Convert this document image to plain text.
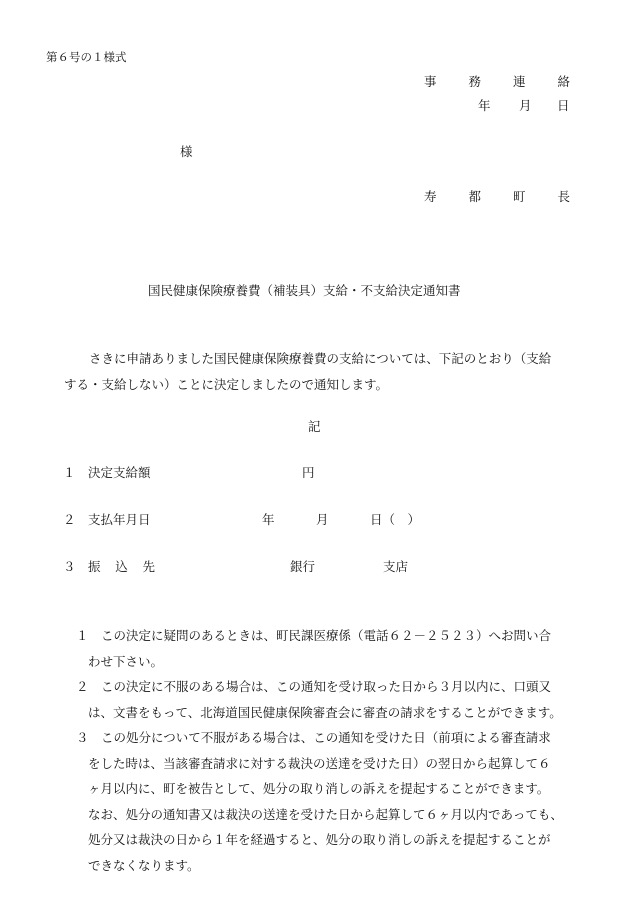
第６号の１様式
事	務	連	絡
年 月 日
様
寿	都	町	長
国民健康保険療養費（補装具）支給・不支給決定通知書
さきに申請ありました国民健康保険療養費の支給については、下記のとおり（支給
する・支給しない）ことに決定しましたので通知します。
記
１ 決定支給額	円
２ 支払年月日	年	月	日（　）
３ 振 込 先	銀行	支店
１　 この決定に疑問のあるときは、町民課医療係（電話６２－２５２３）へお問い合
わせ下さい。
２　 この決定に不服のある場合は、この通知を受け取った日から３月以内に、口頭又
は、文書をもって、北海道国民健康保険審査会に審査の請求をすることができます。
３　 この処分について不服がある場合は、この通知を受けた日（前項による審査請求
をした時は、当該審査請求に対する裁決の送達を受けた日）の翌日から起算して６
ヶ月以内に、町を被告として、処分の取り消しの訴えを提起することができます。
なお、処分の通知書又は裁決の送達を受けた日から起算して６ヶ月以内であっても、
処分又は裁決の日から１年を経過すると、処分の取り消しの訴えを提起することが
できなくなります。
